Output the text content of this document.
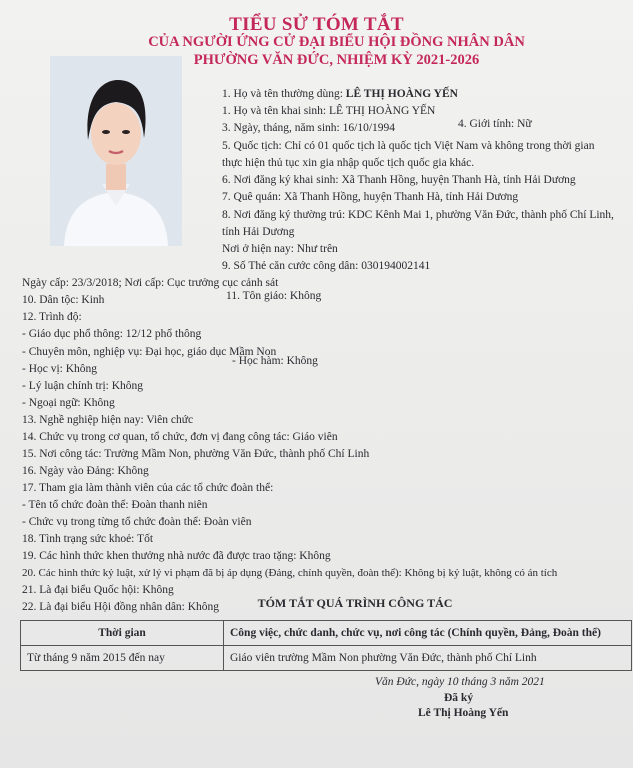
TIỂU SỬ TÓM TẮT
CỦA NGƯỜI ỨNG CỬ ĐẠI BIỂU HỘI ĐỒNG NHÂN DÂN
PHƯỜNG VĂN ĐỨC, NHIỆM KỲ 2021-2026
1. Họ và tên thường dùng: LÊ THỊ HOÀNG YẾN
1. Họ và tên khai sinh: LÊ THỊ HOÀNG YẾN
3. Ngày, tháng, năm sinh: 16/10/1994	4. Giới tính: Nữ
5. Quốc tịch: Chỉ có 01 quốc tịch là quốc tịch Việt Nam và không trong thời gian
thực hiện thủ tục xin gia nhập quốc tịch quốc gia khác.
6. Nơi đăng ký khai sinh: Xã Thanh Hồng, huyện Thanh Hà, tỉnh Hải Dương
7. Quê quán: Xã Thanh Hồng, huyện Thanh Hà, tỉnh Hải Dương
8. Nơi đăng ký thường trú: KDC Kênh Mai 1, phường Văn Đức, thành phố Chí Linh,
tỉnh Hải Dương
Nơi ở hiện nay: Như trên
9. Số Thẻ căn cước công dân: 030194002141
Ngày cấp: 23/3/2018; Nơi cấp: Cục trưởng cục cảnh sát
10. Dân tộc: Kinh	11. Tôn giáo: Không
12. Trình độ:
- Giáo dục phổ thông: 12/12 phổ thông
- Chuyên môn, nghiệp vụ: Đại học, giáo dục Mầm Non
- Học vị: Không
- Học hàm: Không
- Lý luận chính trị: Không
- Ngoại ngữ: Không
13. Nghề nghiệp hiện nay: Viên chức
14. Chức vụ trong cơ quan, tổ chức, đơn vị đang công tác: Giáo viên
15. Nơi công tác: Trường Mầm Non, phường Văn Đức, thành phố Chí Linh
16. Ngày vào Đảng: Không
17. Tham gia làm thành viên của các tổ chức đoàn thể:
- Tên tổ chức đoàn thể: Đoàn thanh niên
- Chức vụ trong từng tổ chức đoàn thể: Đoàn viên
18. Tình trạng sức khoẻ: Tốt
19. Các hình thức khen thưởng nhà nước đã được trao tặng: Không
20. Các hình thức kỷ luật, xử lý vi phạm đã bị áp dụng (Đảng, chính quyền, đoàn thể): Không bị kỷ luật, không có án tích
21. Là đại biểu Quốc hội: Không
22. Là đại biểu Hội đồng nhân dân: Không	TÓM TẮT QUÁ TRÌNH CÔNG TÁC
Thời gian	Công việc, chức danh, chức vụ, nơi công tác (Chính quyền, Đảng, Đoàn thể)
Từ tháng 9 năm 2015 đến nay	Giáo viên trường Mầm Non phường Văn Đức, thành phố Chí Linh
Văn Đức, ngày 10 tháng 3 năm 2021
Đã ký
Lê Thị Hoàng Yến
